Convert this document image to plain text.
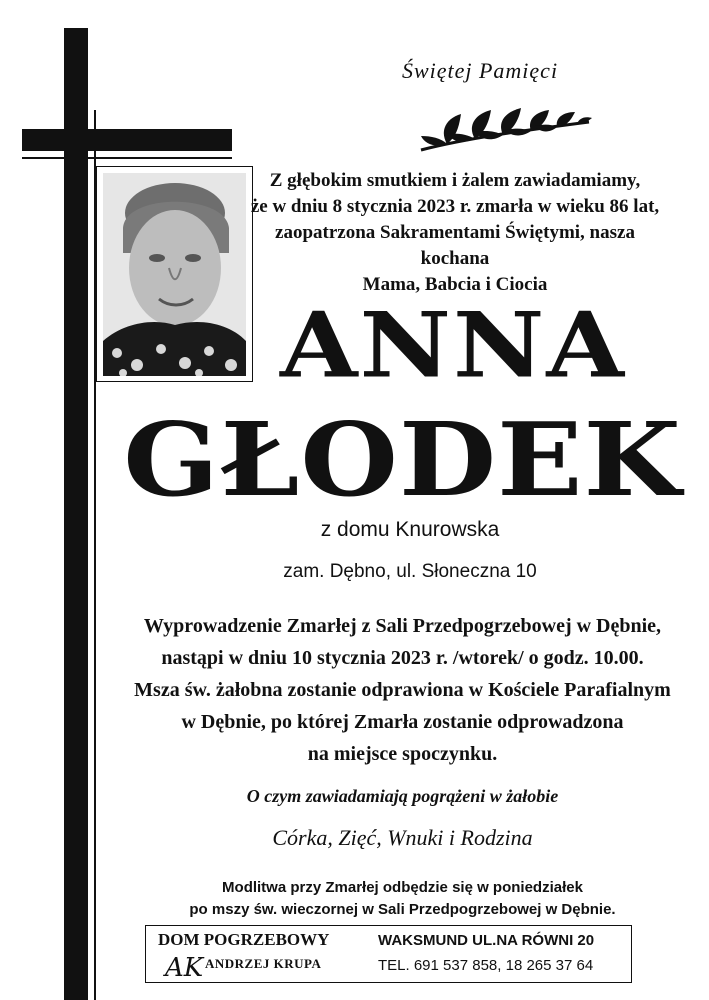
Świętej Pamięci
Z głębokim smutkiem i żalem zawiadamiamy,
że w dniu 8 stycznia 2023 r. zmarła w wieku 86 lat,
zaopatrzona Sakramentami Świętymi, nasza kochana
Mama, Babcia i Ciocia
ANNA
GŁODEK
z domu Knurowska
zam. Dębno, ul. Słoneczna 10
Wyprowadzenie Zmarłej z Sali Przedpogrzebowej w Dębnie,
nastąpi w dniu 10 stycznia 2023 r. /wtorek/ o godz. 10.00.
Msza św. żałobna zostanie odprawiona w Kościele Parafialnym
w Dębnie, po której Zmarła zostanie odprowadzona
na miejsce spoczynku.
O czym zawiadamiają pogrążeni w żałobie
Córka, Zięć, Wnuki i Rodzina
Modlitwa przy Zmarłej odbędzie się w poniedziałek
po mszy św. wieczornej w Sali Przedpogrzebowej w Dębnie.
DOM POGRZEBOWY
AK ANDRZEJ KRUPA
WAKSMUND UL.NA RÓWNI 20
TEL. 691 537 858, 18 265 37 64
